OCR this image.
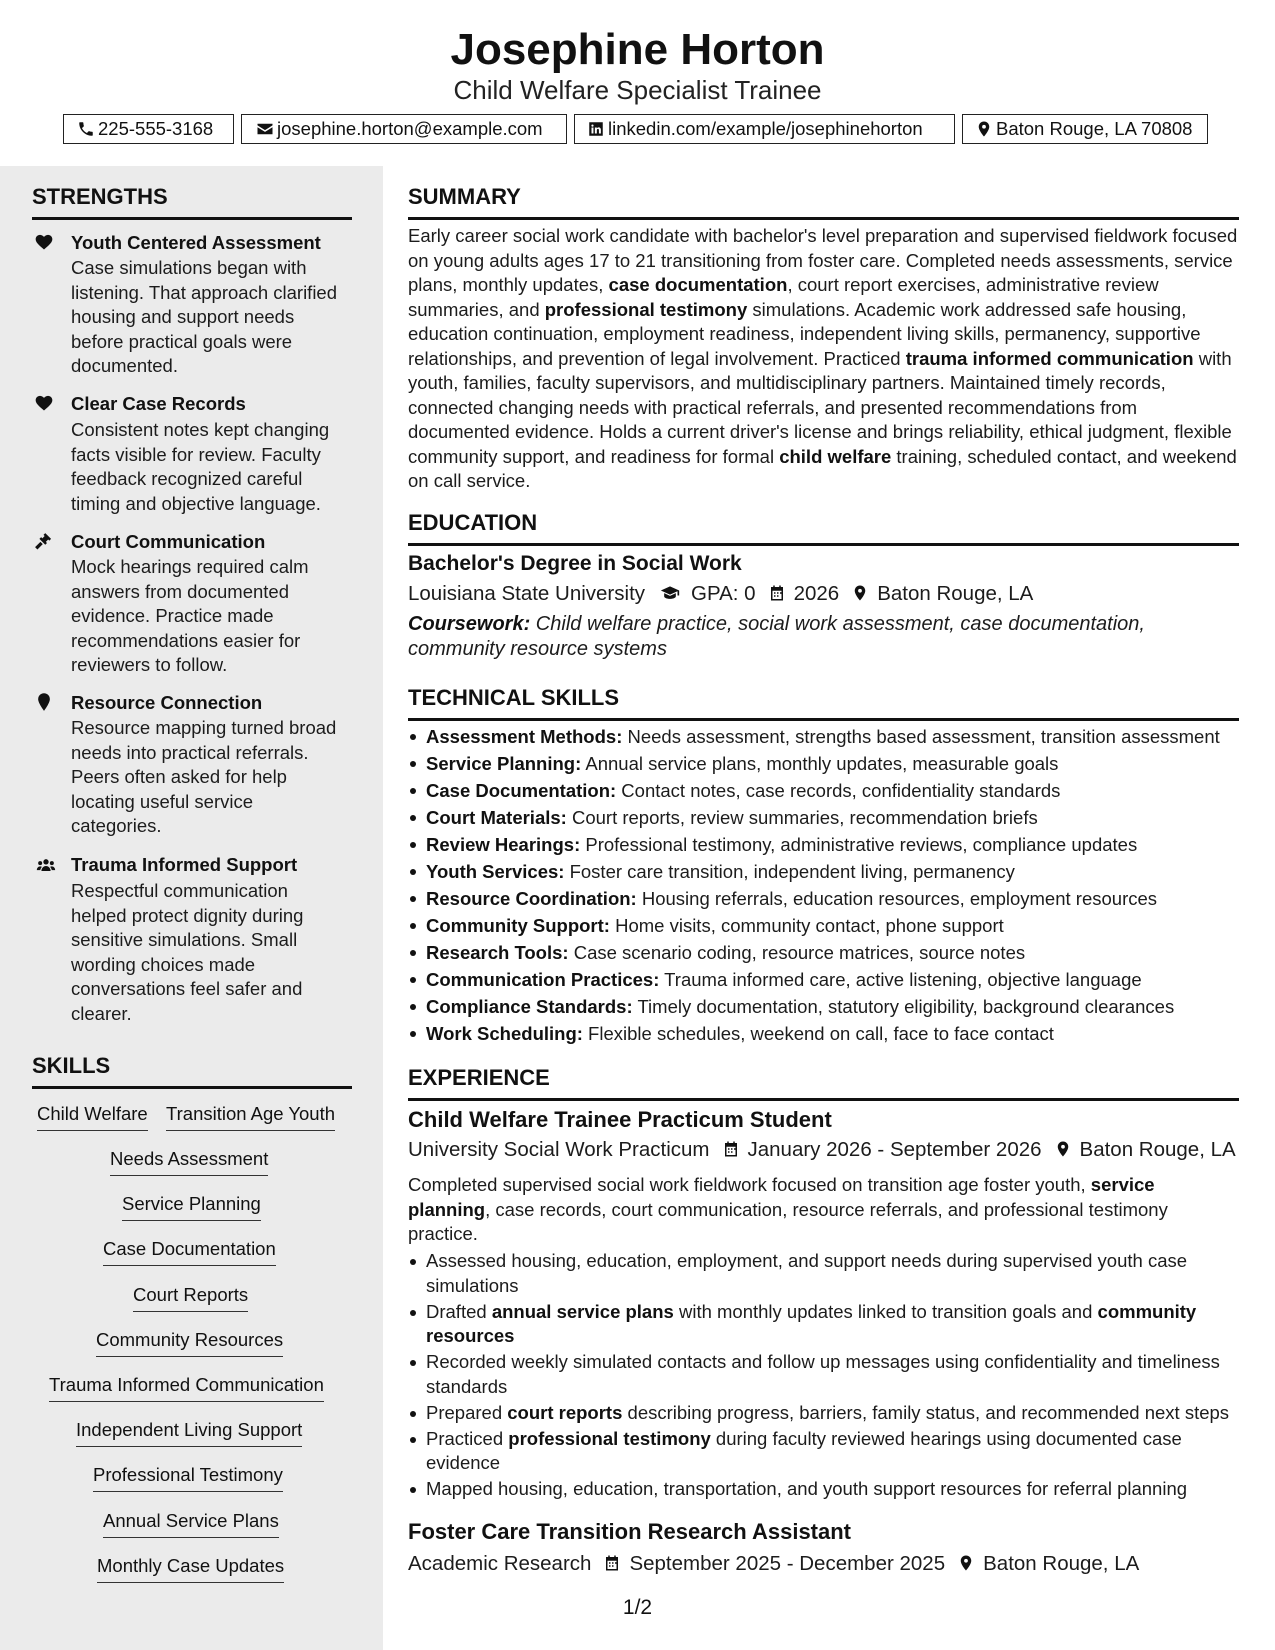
Josephine Horton
Child Welfare Specialist Trainee
225-555-3168	josephine.horton@example.com	linkedin.com/example/josephinehorton	Baton Rouge, LA 70808
STRENGTHS
Youth Centered Assessment
Case simulations began with
listening. That approach clarified
housing and support needs
before practical goals were
documented.
Clear Case Records
Consistent notes kept changing
facts visible for review. Faculty
feedback recognized careful
timing and objective language.
Court Communication
Mock hearings required calm
answers from documented
evidence. Practice made
recommendations easier for
reviewers to follow.
Resource Connection
Resource mapping turned broad
needs into practical referrals.
Peers often asked for help
locating useful service
categories.
Trauma Informed Support
Respectful communication
helped protect dignity during
sensitive simulations. Small
wording choices made
conversations feel safer and
clearer.
SKILLS
Child Welfare Transition Age Youth
Needs Assessment
Service Planning
Case Documentation
Court Reports
Community Resources
Trauma Informed Communication
Independent Living Support
Professional Testimony
Annual Service Plans
Monthly Case Updates
SUMMARY
Early career social work candidate with bachelor's level preparation and supervised fieldwork focused on young adults ages 17 to 21 transitioning from foster care. Completed needs assessments, service plans, monthly updates, case documentation, court report exercises, administrative review summaries, and professional testimony simulations. Academic work addressed safe housing, education continuation, employment readiness, independent living skills, permanency, supportive relationships, and prevention of legal involvement. Practiced trauma informed communication with youth, families, faculty supervisors, and multidisciplinary partners. Maintained timely records, connected changing needs with practical referrals, and presented recommendations from documented evidence. Holds a current driver's license and brings reliability, ethical judgment, flexible community support, and readiness for formal child welfare training, scheduled contact, and weekend on call service.
EDUCATION
Bachelor's Degree in Social Work
Louisiana State University GPA: 0 2026 Baton Rouge, LA
Coursework: Child welfare practice, social work assessment, case documentation, community resource systems
TECHNICAL SKILLS
Assessment Methods: Needs assessment, strengths based assessment, transition assessment
Service Planning: Annual service plans, monthly updates, measurable goals
Case Documentation: Contact notes, case records, confidentiality standards
Court Materials: Court reports, review summaries, recommendation briefs
Review Hearings: Professional testimony, administrative reviews, compliance updates
Youth Services: Foster care transition, independent living, permanency
Resource Coordination: Housing referrals, education resources, employment resources
Community Support: Home visits, community contact, phone support
Research Tools: Case scenario coding, resource matrices, source notes
Communication Practices: Trauma informed care, active listening, objective language
Compliance Standards: Timely documentation, statutory eligibility, background clearances
Work Scheduling: Flexible schedules, weekend on call, face to face contact
EXPERIENCE
Child Welfare Trainee Practicum Student
University Social Work Practicum January 2026 - September 2026 Baton Rouge, LA
Completed supervised social work fieldwork focused on transition age foster youth, service planning, case records, court communication, resource referrals, and professional testimony practice.
Assessed housing, education, employment, and support needs during supervised youth case simulations
Drafted annual service plans with monthly updates linked to transition goals and community resources
Recorded weekly simulated contacts and follow up messages using confidentiality and timeliness standards
Prepared court reports describing progress, barriers, family status, and recommended next steps
Practiced professional testimony during faculty reviewed hearings using documented case evidence
Mapped housing, education, transportation, and youth support resources for referral planning
Foster Care Transition Research Assistant
Academic Research September 2025 - December 2025 Baton Rouge, LA
1/2
